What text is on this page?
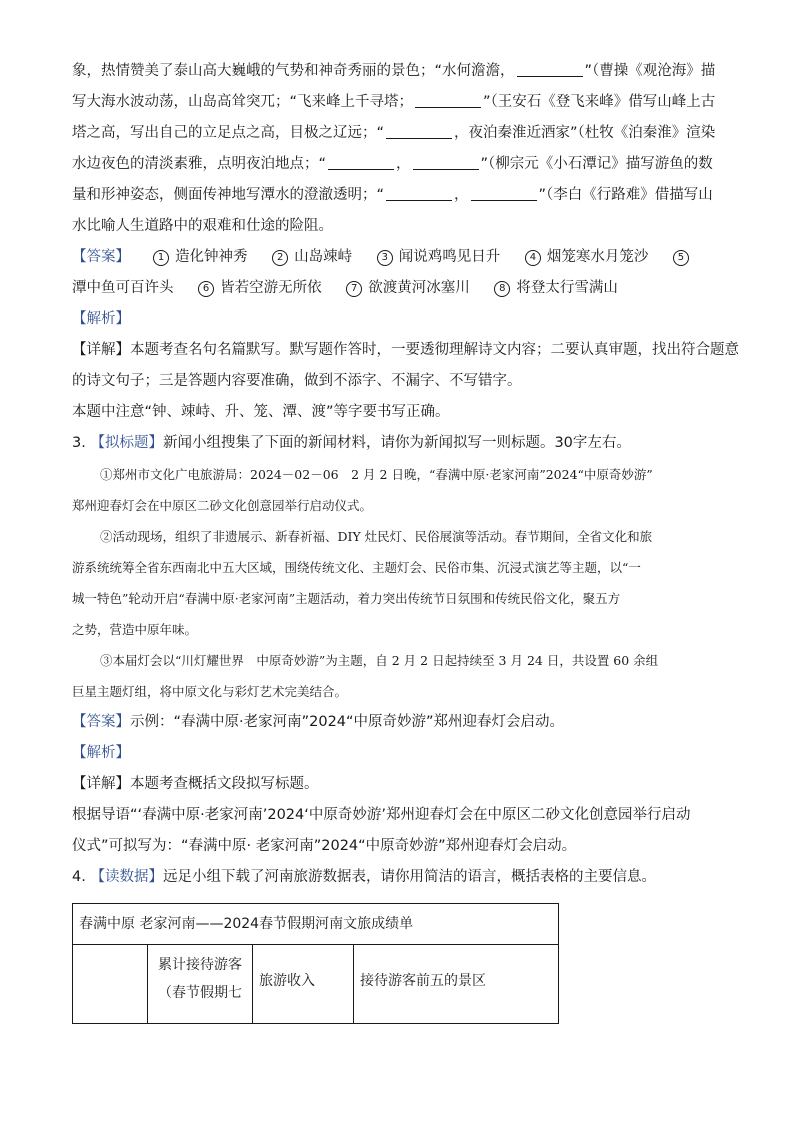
象，热情赞美了泰山高大巍峨的气势和神奇秀丽的景色；“水何澹澹，	”（曹操《观沧海》描
写大海水波动荡，山岛高耸突兀；“飞来峰上千寻塔；	”（王安石《登飞来峰》借写山峰上古
塔之高，写出自己的立足点之高，目极之辽远；“	，夜泊秦淮近酒家”（杜牧《泊秦淮》渲染
水边夜色的清淡素雅，点明夜泊地点；“	，	”（柳宗元《小石潭记》描写游鱼的数
量和形神姿态，侧面传神地写潭水的澄澈透明；“	，	”（李白《行路难》借描写山
水比喻人生道路中的艰难和仕途的险阻。
【答案】	1 造化钟神秀	2 山岛竦峙	3 闻说鸡鸣见日升	4 烟笼寒水月笼沙	5
潭中鱼可百许头	6 皆若空游无所依	7 欲渡黄河冰塞川	8 将登太行雪满山
【解析】
【详解】本题考查名句名篇默写。默写题作答时，一要透彻理解诗文内容；二要认真审题，找出符合题意
的诗文句子；三是答题内容要准确，做到不添字、不漏字、不写错字。
本题中注意“钟、竦峙、升、笼、潭、渡”等字要书写正确。
3. 【拟标题】新闻小组搜集了下面的新闻材料，请你为新闻拟写一则标题。30字左右。
①郑州市文化广电旅游局：2024－02－06　2 月 2 日晚，“春满中原·老家河南”2024“中原奇妙游”
郑州迎春灯会在中原区二砂文化创意园举行启动仪式。
②活动现场，组织了非遗展示、新春祈福、DIY 灶民灯、民俗展演等活动。春节期间，全省文化和旅
游系统统筹全省东西南北中五大区域，围绕传统文化、主题灯会、民俗市集、沉浸式演艺等主题，以“一
城一特色”轮动开启“春满中原·老家河南”主题活动，着力突出传统节日氛围和传统民俗文化，聚五方
之势，营造中原年味。
③本届灯会以“川灯耀世界　中原奇妙游”为主题，自 2 月 2 日起持续至 3 月 24 日，共设置 60 余组
巨星主题灯组，将中原文化与彩灯艺术完美结合。
【答案】示例：“春满中原·老家河南”2024“中原奇妙游”郑州迎春灯会启动。
【解析】
【详解】本题考查概括文段拟写标题。
根据导语“‘春满中原·老家河南’2024‘中原奇妙游’郑州迎春灯会在中原区二砂文化创意园举行启动
仪式”可拟写为：“春满中原· 老家河南”2024“中原奇妙游”郑州迎春灯会启动。
4. 【读数据】远足小组下载了河南旅游数据表，请你用简洁的语言，概括表格的主要信息。
春满中原 老家河南——2024春节假期河南文旅成绩单

累计接待游客
（春节假期七
	旅游收入	接待游客前五的景区
